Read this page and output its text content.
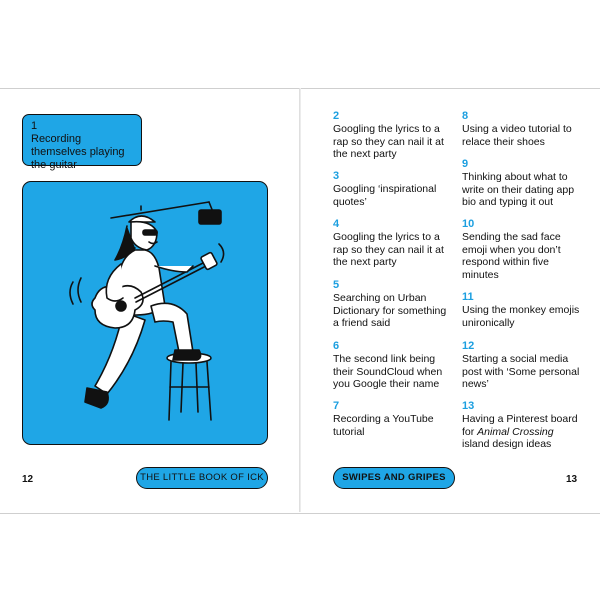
1
Recording themselves playing the guitar
12	THE LITTLE BOOK OF ICK
2
Googling the lyrics to a rap so they can nail it at the next party
3
Googling ‘inspirational quotes’
4
Googling the lyrics to a rap so they can nail it at the next party
5
Searching on Urban Dictionary for something a friend said
6
The second link being their SoundCloud when you Google their name
7
Recording a YouTube tutorial
8
Using a video tutorial to relace their shoes
9
Thinking about what to write on their dating app bio and typing it out
10
Sending the sad face emoji when you don’t respond within five minutes
11
Using the monkey emojis unironically
12
Starting a social media post with ‘Some personal news’
13
Having a Pinterest board for Animal Crossing island design ideas
SWIPES AND GRIPES	13
